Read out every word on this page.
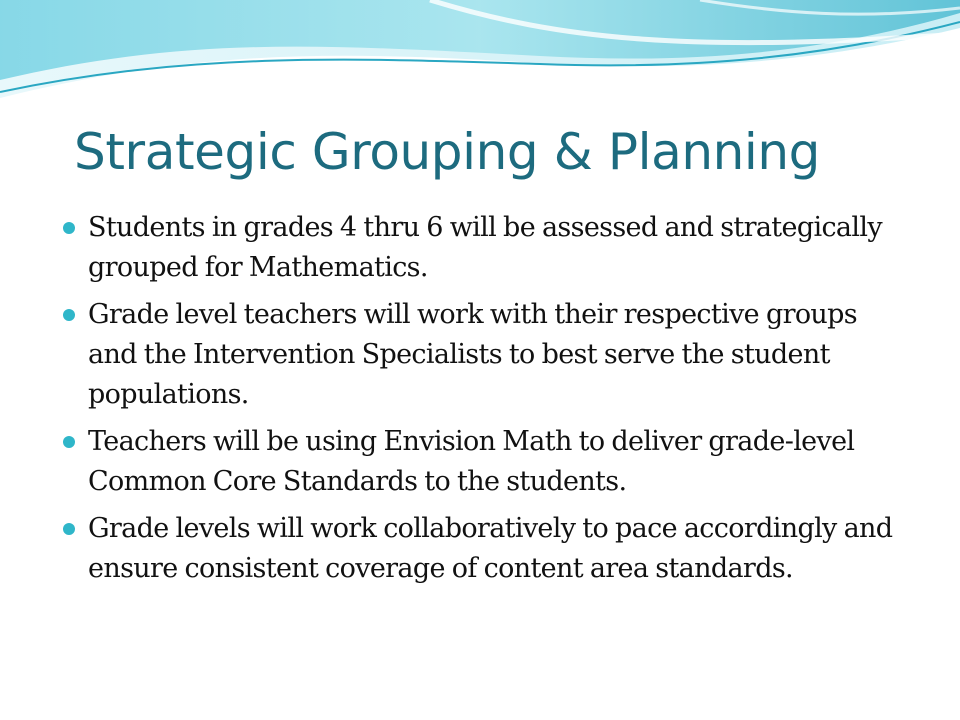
Strategic Grouping & Planning
Students in grades 4 thru 6 will be assessed and strategically grouped for Mathematics.
Grade level teachers will work with their respective groups and the Intervention Specialists to best serve the student populations.
Teachers will be using Envision Math to deliver grade-level Common Core Standards to the students.
Grade levels will work collaboratively to pace accordingly and ensure consistent coverage of content area standards.
